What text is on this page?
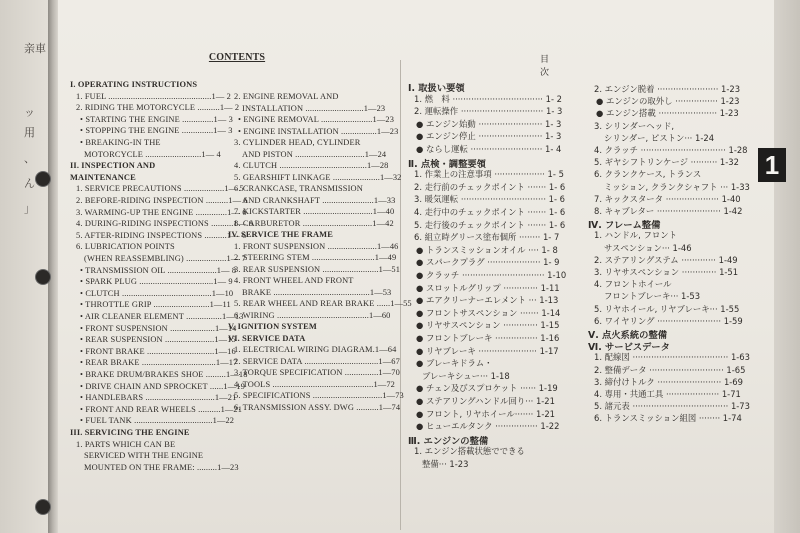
亲車
ッ
用
、
ん
」
1
CONTENTS
I. OPERATING INSTRUCTIONS
1. FUEL ..............................................1— 2
2. RIDING THE MOTORCYCLE ..........1— 2
• STARTING THE ENGINE ..............1— 3
• STOPPING THE ENGINE ..............1— 3
• BREAKING-IN THE
MOTORCYCLE .........................1— 4
II. INSPECTION AND
MAINTENANCE
1. SERVICE PRECAUTIONS ..................1— 5
2. BEFORE-RIDING INSPECTION ..........1— 6
3. WARMING-UP THE ENGINE ..............1— 6
4. DURING-RIDING INSPECTIONS ..........1— 6
5. AFTER-RIDING INSPECTIONS ..........1— 6
6. LUBRICATION POINTS
(WHEN REASSEMBLING) ..................1— 7
• TRANSMISSION OIL ......................1— 8
• SPARK PLUG .................................1— 9
• CLUTCH ........................................1—10
• THROTTLE GRIP .........................1—11
• AIR CLEANER ELEMENT ................1—13
• FRONT SUSPENSION ....................1—14
• REAR SUSPENSION ......................1—15
• FRONT BRAKE ..............................1—16
• REAR BRAKE .................................1—17
• BRAKE DRUM/BRAKES SHOE .........1—18
• DRIVE CHAIN AND SPROCKET ......1—19
• HANDLEBARS ...............................1—21
• FRONT AND REAR WHEELS ..........1—21
• FUEL TANK ...................................1—22
III. SERVICING THE ENGINE
1. PARTS WHICH CAN BE
SERVICED WITH THE ENGINE
MOUNTED ON THE FRAME: .........1—23
2. ENGINE REMOVAL AND
INSTALLATION ..........................1—23
• ENGINE REMOVAL .......................1—23
• ENGINE INSTALLATION ................1—23
3. CYLINDER HEAD, CYLINDER
AND PISTON ...............................1—24
4. CLUTCH .......................................1—28
5. GEARSHIFT LINKAGE .....................1—32
6. CRANKCASE, TRANSMISSION
AND CRANKSHAFT .......................1—33
7. KICKSTARTER ...............................1—40
8. CARBURETOR ...............................1—42
IV. SERVICE THE FRAME
1. FRONT SUSPENSION ......................1—46
2. STEERING STEM ............................1—49
3. REAR SUSPENSION .........................1—51
4. FRONT WHEEL AND FRONT
BRAKE ...........................................1—53
5. REAR WHEEL AND REAR BRAKE ......1—55
6. WIRING .........................................1—60
V. IGNITION SYSTEM
VI. SERVICE DATA
1. ELECTRICAL WIRING DIAGRAM.1—64
2. SERVICE DATA .................................1—67
3. TORQUE SPECIFICATION ...............1—70
4. TOOLS .............................................1—72
5. SPECIFICATIONS ...............................1—73
6. TRANSMISSION ASSY. DWG ..........1—74
目　次
Ⅰ. 取扱い要領
1. 燃　料 ·································· 1- 2
2. 運転操作 ······························· 1- 3
● エンジン始動 ························ 1- 3
● エンジン停止 ························ 1- 3
● ならし運転 ··························· 1- 4
Ⅱ. 点検・調整要領
1. 作業上の注意事項 ··················· 1- 5
2. 走行前のチェックポイント ······· 1- 6
3. 暖気運転 ································ 1- 6
4. 走行中のチェックポイント ······· 1- 6
5. 走行後のチェックポイント ······· 1- 6
6. 組立時グリース塗布個所 ········ 1- 7
● トランスミッションオイル ···· 1- 8
● スパークプラグ ···················· 1- 9
● クラッチ ······························· 1-10
● スロットルグリップ ············· 1-11
● エアクリーナーエレメント ··· 1-13
● フロントサスペンション ······· 1-14
● リヤサスペンション ············· 1-15
● フロントブレーキ ················ 1-16
● リヤブレーキ ······················ 1-17
● ブレーキドラム・
ブレーキシュー··· 1-18
● チェン及びスプロケット ······ 1-19
● ステアリングハンドル回り··· 1-21
● フロント, リヤホイール······· 1-21
● ヒューエルタンク ················ 1-22
Ⅲ. エンジンの整備
1. エンジン搭載状態でできる
整備··· 1-23
2. エンジン脱着 ······················· 1-23
● エンジンの取外し ················ 1-23
● エンジン搭載 ······················ 1-23
3. シリンダーヘッド,
シリンダー, ピストン··· 1-24
4. クラッチ ································ 1-28
5. ギヤシフトリンケージ ·········· 1-32
6. クランクケース, トランス
ミッション, クランクシャフト ··· 1-33
7. キックスタータ ···················· 1-40
8. キャブレター ························ 1-42
Ⅳ. フレーム整備
1. ハンドル, フロント
サスペンション··· 1-46
2. ステアリングステム ············· 1-49
3. リヤサスペンション ············· 1-51
4. フロントホイール
フロントブレーキ··· 1-53
5. リヤホイール, リヤブレーキ··· 1-55
6. ワイヤリング ························ 1-59
Ⅴ. 点火系統の整備
Ⅵ. サービスデータ
1. 配線図 ···································· 1-63
2. 整備データ ···························· 1-65
3. 締付けトルク ························ 1-69
4. 専用・共通工具 ···················· 1-71
5. 諸元表 ···································· 1-73
6. トランスミッション組図 ········ 1-74
